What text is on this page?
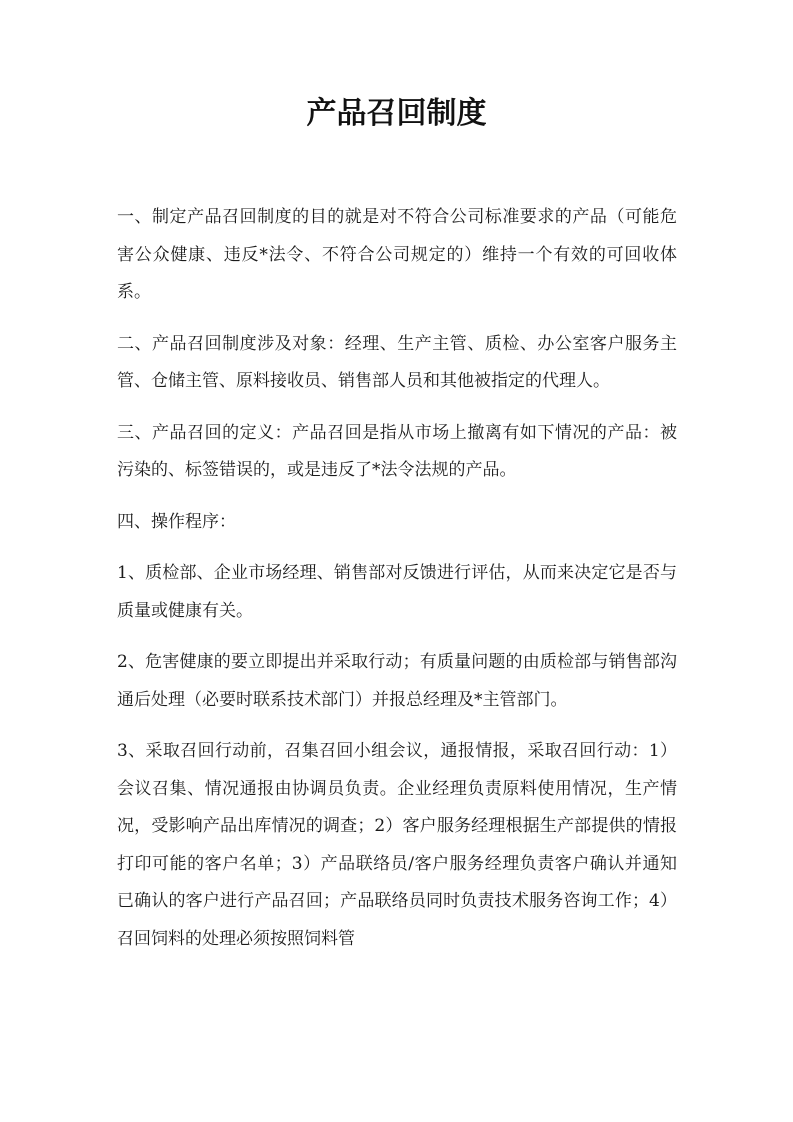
产品召回制度

一、制定产品召回制度的目的就是对不符合公司标准要求的产品（可能危害公众健康、违反*法令、不符合公司规定的）维持一个有效的可回收体系。

二、产品召回制度涉及对象：经理、生产主管、质检、办公室客户服务主管、仓储主管、原料接收员、销售部人员和其他被指定的代理人。

三、产品召回的定义：产品召回是指从市场上撤离有如下情况的产品：被污染的、标签错误的，或是违反了*法令法规的产品。

四、操作程序：

1、质检部、企业市场经理、销售部对反馈进行评估，从而来决定它是否与质量或健康有关。

2、危害健康的要立即提出并采取行动；有质量问题的由质检部与销售部沟通后处理（必要时联系技术部门）并报总经理及*主管部门。

3、采取召回行动前，召集召回小组会议，通报情报，采取召回行动：1）会议召集、情况通报由协调员负责。企业经理负责原料使用情况，生产情况，受影响产品出库情况的调查；2）客户服务经理根据生产部提供的情报打印可能的客户名单；3）产品联络员/客户服务经理负责客户确认并通知已确认的客户进行产品召回；产品联络员同时负责技术服务咨询工作；4）召回饲料的处理必须按照饲料管
